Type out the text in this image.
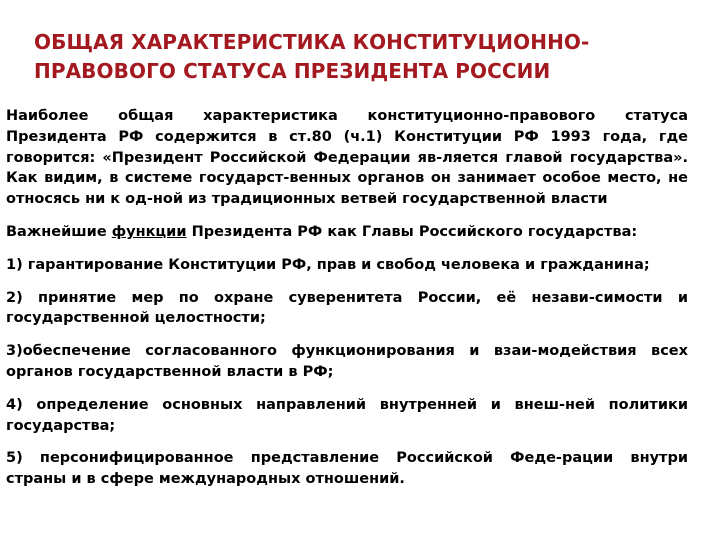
ОБЩАЯ ХАРАКТЕРИСТИКА КОНСТИТУЦИОННО-ПРАВОВОГО СТАТУСА ПРЕЗИДЕНТА РОССИИ

Наиболее общая характеристика конституционно-правового статуса Президента РФ содержится в ст.80 (ч.1) Конституции РФ 1993 года, где говорится: «Президент Российской Федерации яв-ляется главой государства». Как видим, в системе государст-венных органов он занимает особое место, не относясь ни к од-ной из традиционных ветвей государственной власти

Важнейшие функции Президента РФ как Главы Российского государства:

1) гарантирование Конституции РФ, прав и свобод человека и гражданина;

2) принятие мер по охране суверенитета России, её незави-симости и государственной целостности;

3)обеспечение согласованного функционирования и взаи-модействия всех органов государственной власти в РФ;

4) определение основных направлений внутренней и внеш-ней политики государства;

5) персонифицированное представление Российской Феде-рации внутри страны и в сфере международных отношений.
